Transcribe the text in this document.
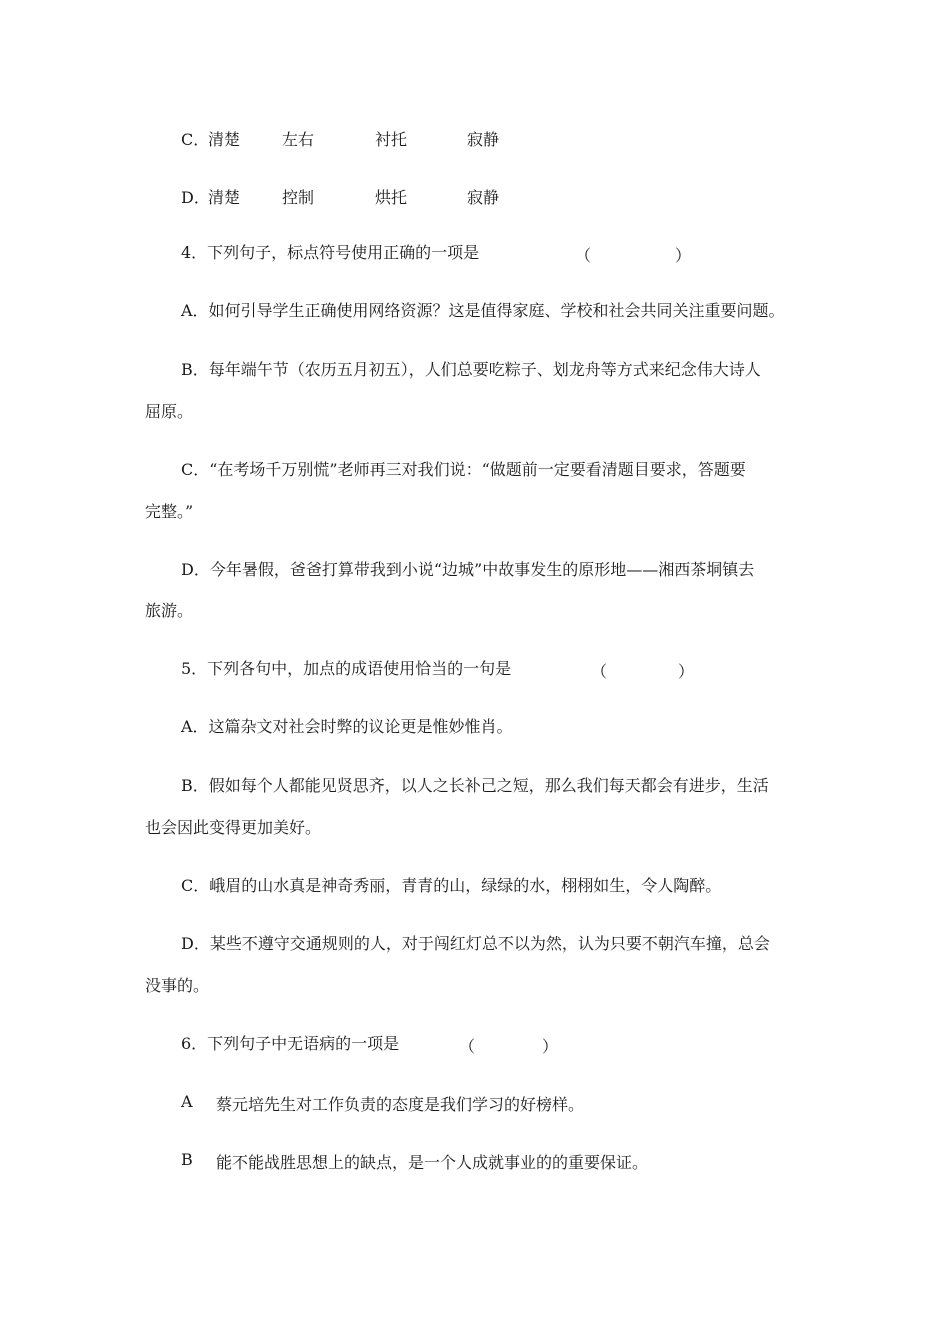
C．
清楚	左右	衬托	寂静
D．
清楚	控制	烘托	寂静
4．下列句子，标点符号使用正确的一项是	（	）
A．如何引导学生正确使用网络资源？这是值得家庭、学校和社会共同关注重要问题。
B．每年端午节（农历五月初五），人们总要吃粽子、划龙舟等方式来纪念伟大诗人
屈原。
C．“在考场千万别慌”老师再三对我们说：“做题前一定要看清题目要求，答题要
完整。”
D．今年暑假，爸爸打算带我到小说“边城”中故事发生的原形地——湘西茶垌镇去
旅游。
5．下列各句中，加点的成语使用恰当的一句是	（	）
A．这篇杂文对社会时弊的议论更是惟妙惟肖。
B．假如每个人都能见贤思齐，以人之长补己之短，那么我们每天都会有进步，生活
也会因此变得更加美好。
C．峨眉的山水真是神奇秀丽，青青的山，绿绿的水，栩栩如生，令人陶醉。
D．某些不遵守交通规则的人，对于闯红灯总不以为然，认为只要不朝汽车撞，总会
没事的。
6．下列句子中无语病的一项是	（	）
A 蔡元培先生对工作负责的态度是我们学习的好榜样。
B 能不能战胜思想上的缺点，是一个人成就事业的的重要保证。
